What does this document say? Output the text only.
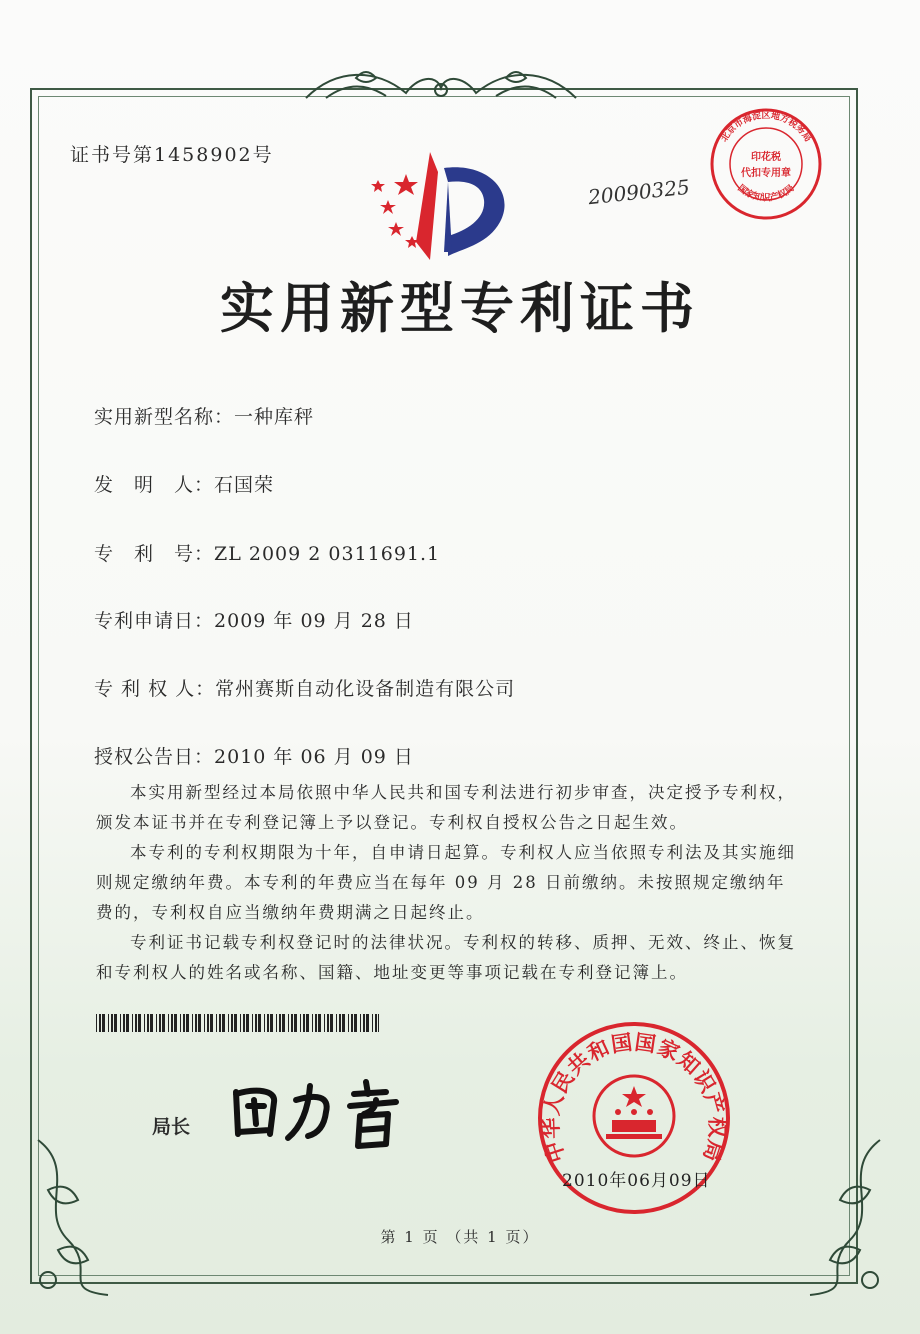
证书号第1458902号
20090325
北京市海淀区地方税务局
印花税
代扣专用章
国家知识产权局
实用新型专利证书
实用新型名称：一种库秤
发　明　人：石国荣
专　利　号：ZL 2009 2 0311691.1
专利申请日：2009 年 09 月 28 日
专 利 权 人：常州赛斯自动化设备制造有限公司
授权公告日：2010 年 06 月 09 日

本实用新型经过本局依照中华人民共和国专利法进行初步审查，决定授予专利权，颁发本证书并在专利登记簿上予以登记。专利权自授权公告之日起生效。

本专利的专利权期限为十年，自申请日起算。专利权人应当依照专利法及其实施细则规定缴纳年费。本专利的年费应当在每年 09 月 28 日前缴纳。未按照规定缴纳年费的，专利权自应当缴纳年费期满之日起终止。

专利证书记载专利权登记时的法律状况。专利权的转移、质押、无效、终止、恢复和专利权人的姓名或名称、国籍、地址变更等事项记载在专利登记簿上。

局长
中华人民共和国国家知识产权局
2010年06月09日
第 1 页 （共 1 页）
